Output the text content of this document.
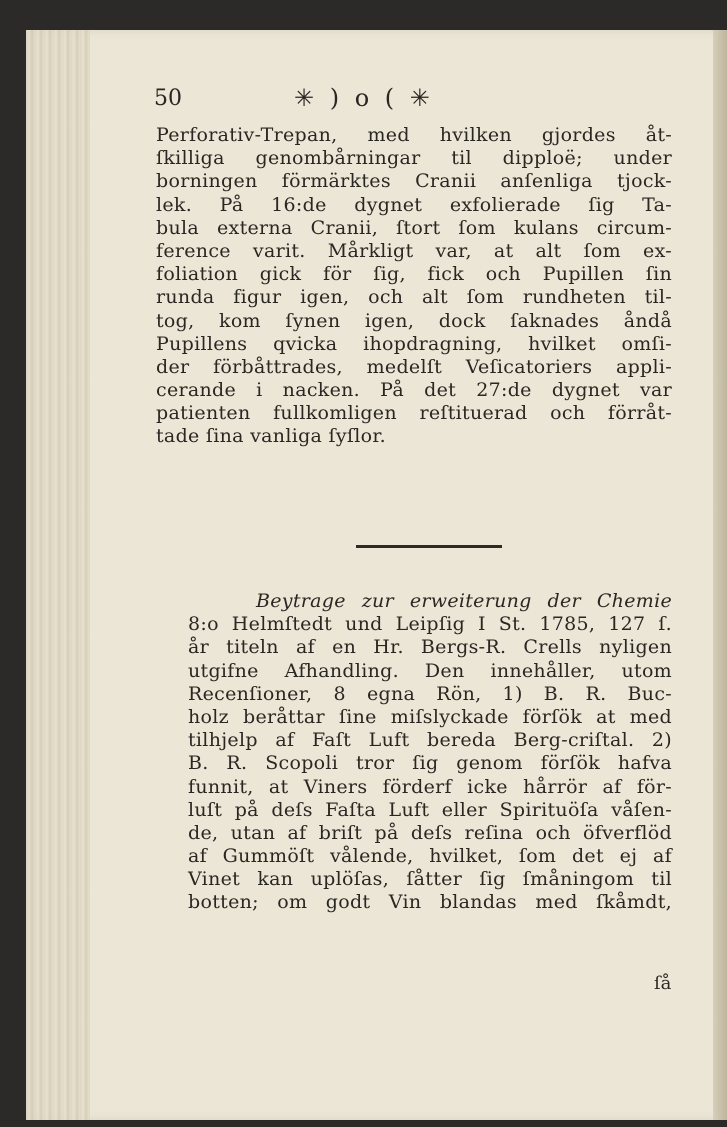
50	✳ ) o ( ✳
Perforativ-Trepan, med hvilken gjordes åt-
ſkilliga genombårningar til dipploë; under
borningen förmärktes Cranii anſenliga tjock-
lek. På 16:de dygnet exfolierade ſig Ta-
bula externa Cranii, ſtort ſom kulans circum-
ference varit. Mårkligt var, at alt ſom ex-
foliation gick för ſig, fick och Pupillen ſin
runda figur igen, och alt ſom rundheten til-
tog, kom ſynen igen, dock ſaknades åndå
Pupillens qvicka ihopdragning, hvilket omſi-
der förbåttrades, medelſt Veſicatoriers appli-
cerande i nacken. På det 27:de dygnet var
patienten fullkomligen reſtituerad och förråt-
tade ſina vanliga ſyſlor.
Beytrage zur erweiterung der Chemie
8:o Helmſtedt und Leipſig I St. 1785, 127 ſ.
år titeln af en Hr. Bergs-R. Crells nyligen
utgifne Afhandling. Den innehåller, utom
Recenſioner, 8 egna Rön, 1) B. R. Buc-
holz beråttar ſine miſslyckade förſök at med
tilhjelp af Faſt Luft bereda Berg-criſtal. 2)
B. R. Scopoli tror ſig genom förſök hafva
funnit, at Viners förderf icke hårrör af för-
luſt på deſs Faſta Luft eller Spirituöſa våſen-
de, utan af briſt på deſs reſina och öfverflöd
af Gummöſt vålende, hvilket, ſom det ej af
Vinet kan uplöſas, ſåtter ſig ſmåningom til
botten; om godt Vin blandas med ſkåmdt,
ſå
